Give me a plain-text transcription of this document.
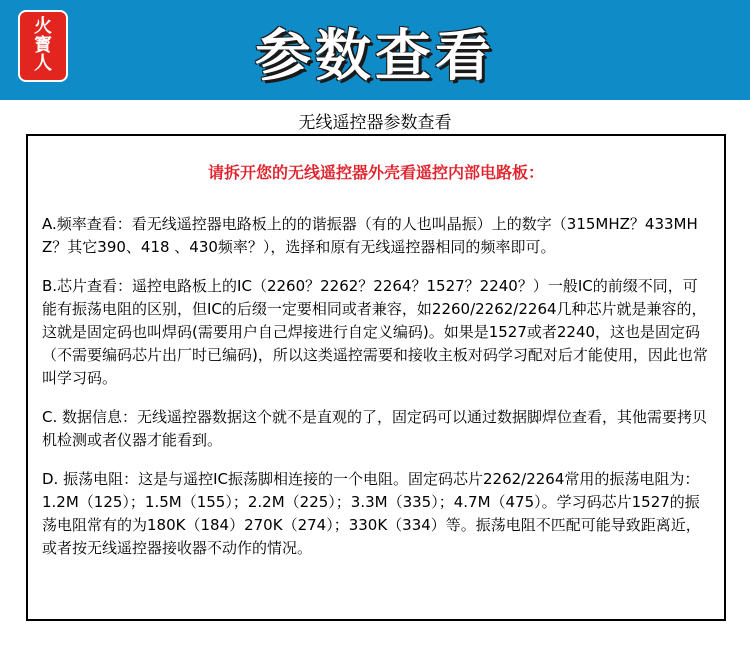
火
寳
人	参数查看
无线遥控器参数查看
请拆开您的无线遥控器外壳看遥控内部电路板：

A.频率查看：看无线遥控器电路板上的的谐振器（有的人也叫晶振）上的数字（315MHZ？433MHZ？其它390、418 、430频率？），选择和原有无线遥控器相同的频率即可。

B.芯片查看：遥控电路板上的IC（2260？2262？2264？1527？2240？）一般IC的前缀不同，可能有振荡电阻的区别，但IC的后缀一定要相同或者兼容，如2260/2262/2264几种芯片就是兼容的，这就是固定码也叫焊码(需要用户自己焊接进行自定义编码)。如果是1527或者2240，这也是固定码（不需要编码芯片出厂时已编码)，所以这类遥控需要和接收主板对码学习配对后才能使用，因此也常叫学习码。

C. 数据信息：无线遥控器数据这个就不是直观的了，固定码可以通过数据脚焊位查看，其他需要拷贝机检测或者仪器才能看到。

D. 振荡电阻：这是与遥控IC振荡脚相连接的一个电阻。固定码芯片2262/2264常用的振荡电阻为：1.2M（125）；1.5M（155）；2.2M（225）；3.3M（335）；4.7M（475）。学习码芯片1527的振荡电阻常有的为180K（184）270K（274）；330K（334）等。振荡电阻不匹配可能导致距离近，或者按无线遥控器接收器不动作的情况。
